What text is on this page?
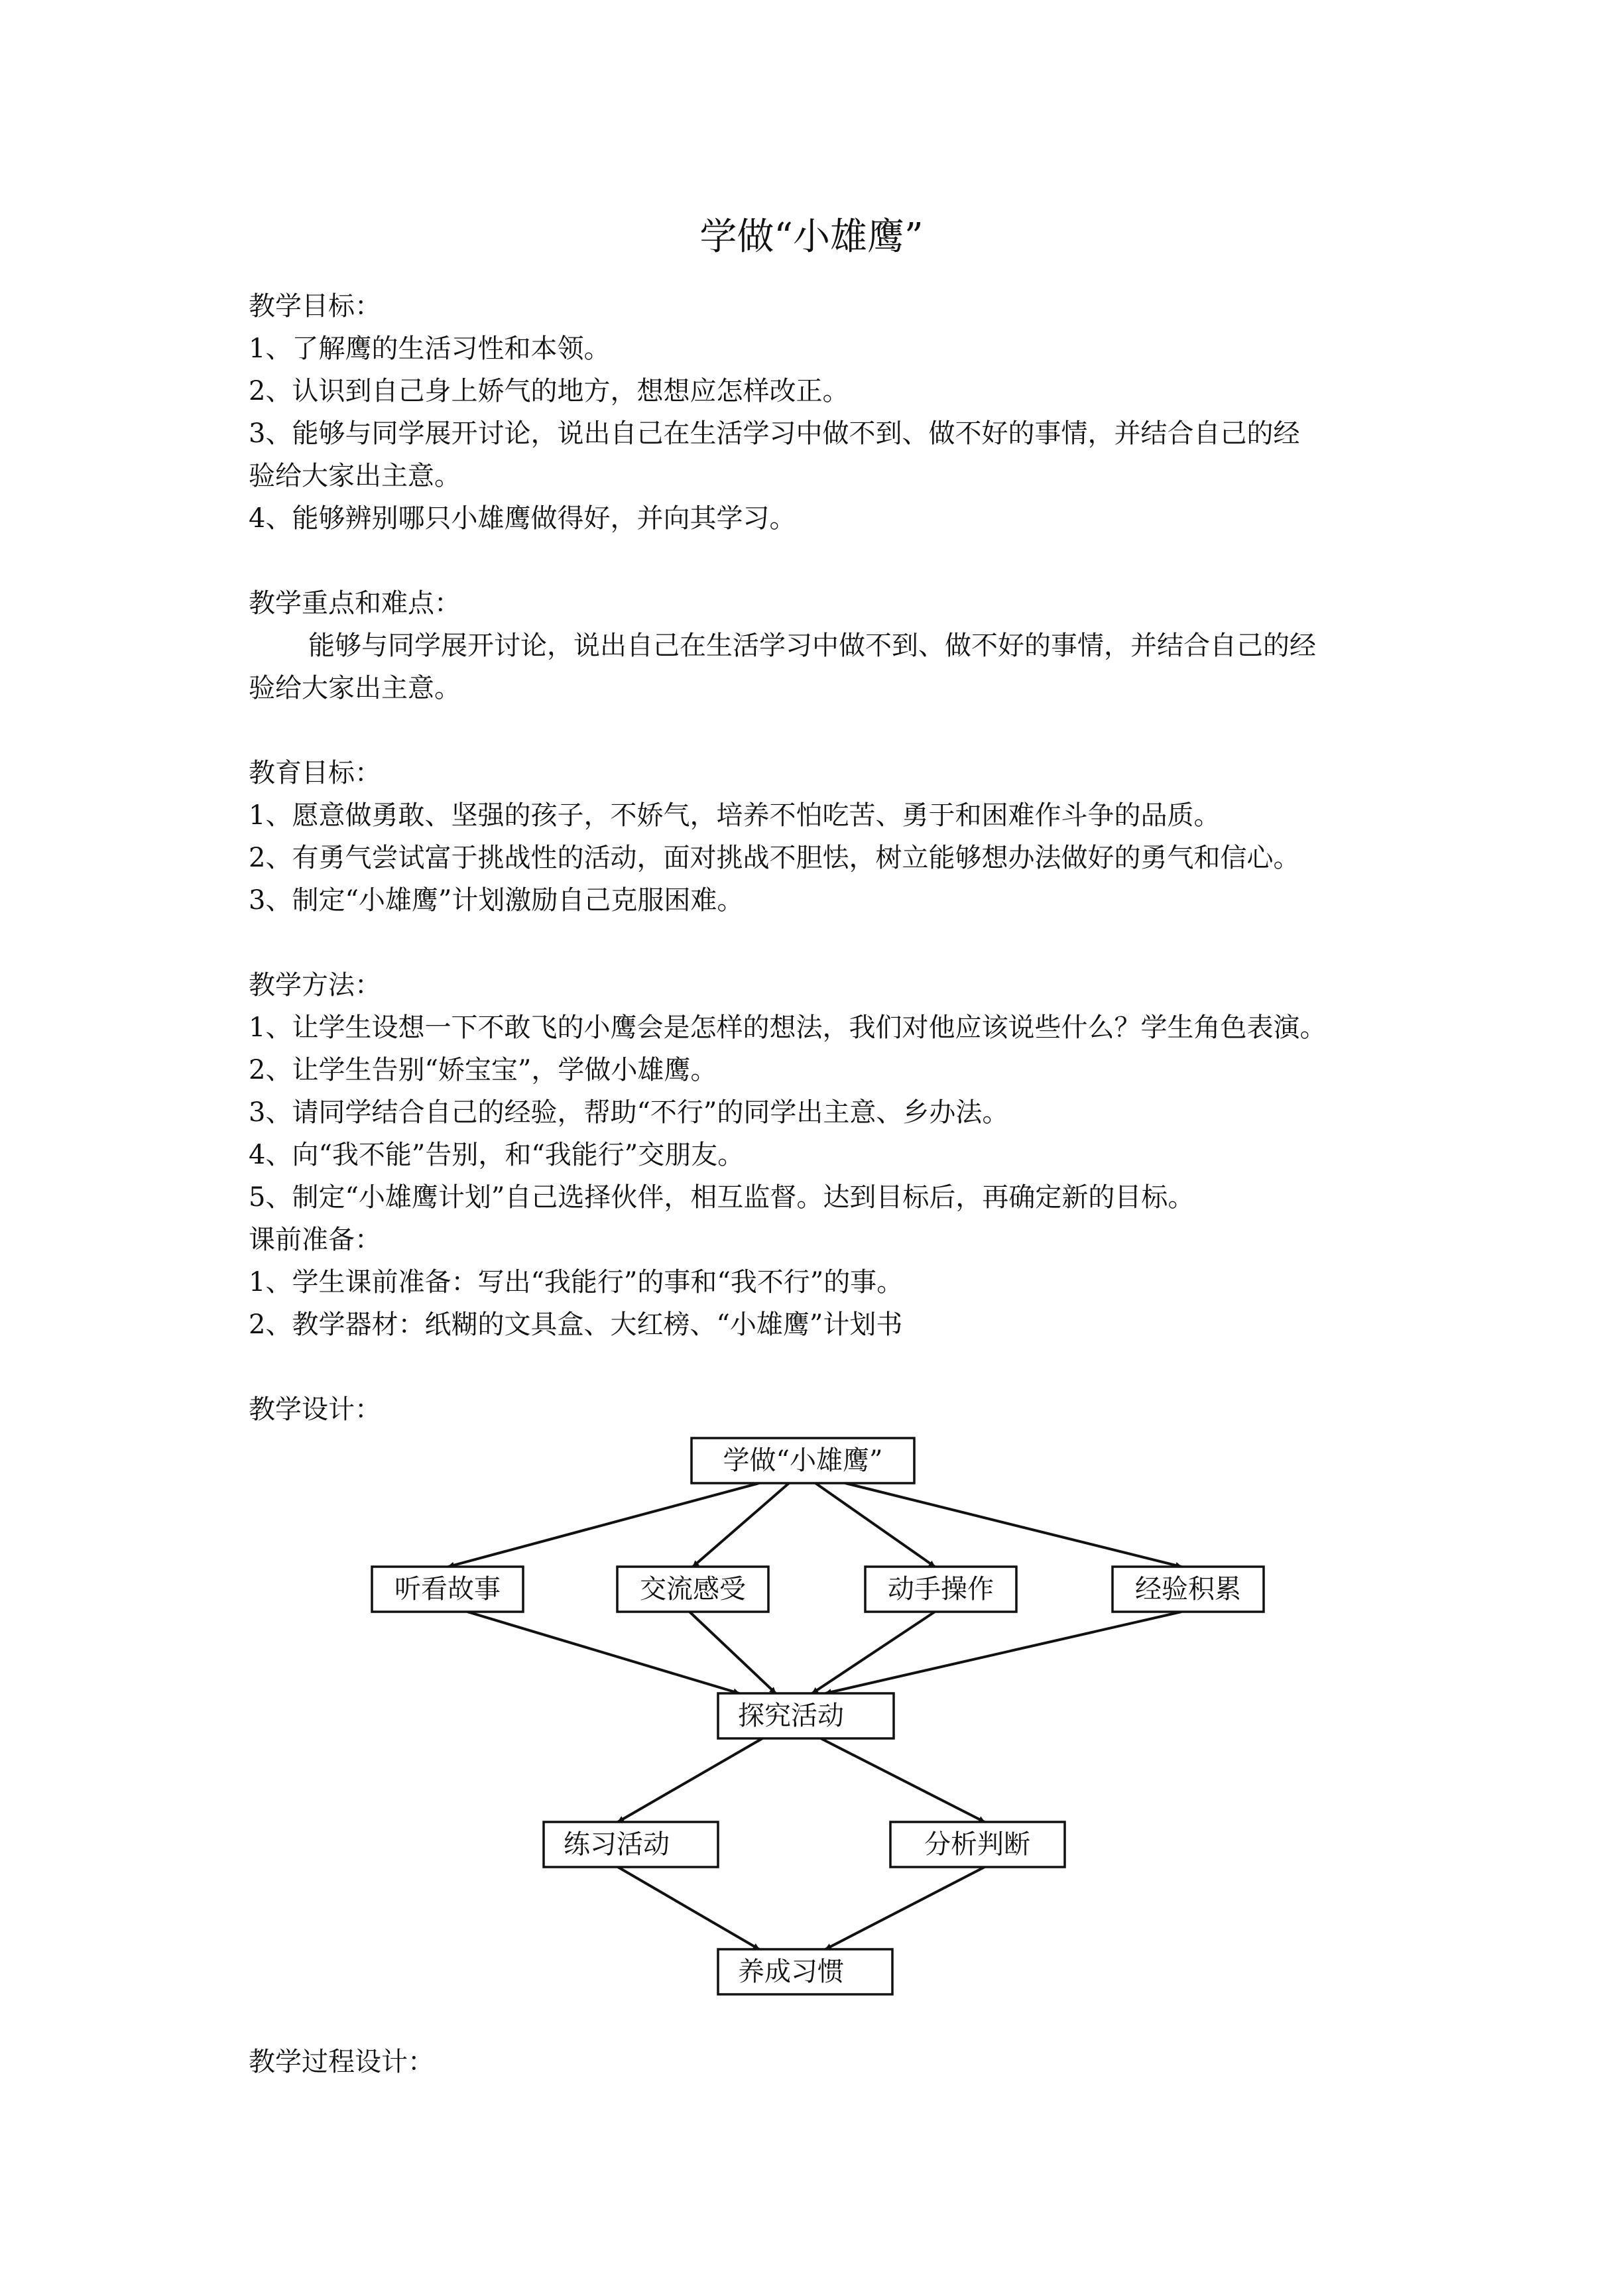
学做“小雄鹰”
教学目标：
1、了解鹰的生活习性和本领。
2、认识到自己身上娇气的地方，想想应怎样改正。
3、能够与同学展开讨论，说出自己在生活学习中做不到、做不好的事情，并结合自己的经
验给大家出主意。
4、能够辨别哪只小雄鹰做得好，并向其学习。
教学重点和难点：
能够与同学展开讨论，说出自己在生活学习中做不到、做不好的事情，并结合自己的经
验给大家出主意。
教育目标：
1、愿意做勇敢、坚强的孩子，不娇气，培养不怕吃苦、勇于和困难作斗争的品质。
2、有勇气尝试富于挑战性的活动，面对挑战不胆怯，树立能够想办法做好的勇气和信心。
3、制定“小雄鹰”计划激励自己克服困难。
教学方法：
1、让学生设想一下不敢飞的小鹰会是怎样的想法，我们对他应该说些什么？学生角色表演。
2、让学生告别“娇宝宝”，学做小雄鹰。
3、请同学结合自己的经验，帮助“不行”的同学出主意、乡办法。
4、向“我不能”告别，和“我能行”交朋友。
5、制定“小雄鹰计划”自己选择伙伴，相互监督。达到目标后，再确定新的目标。
课前准备：
1、学生课前准备：写出“我能行”的事和“我不行”的事。
2、教学器材：纸糊的文具盒、大红榜、“小雄鹰”计划书
教学设计：
学做“小雄鹰”
听看故事	交流感受	动手操作	经验积累
探究活动
练习活动	分析判断
养成习惯
教学过程设计：
